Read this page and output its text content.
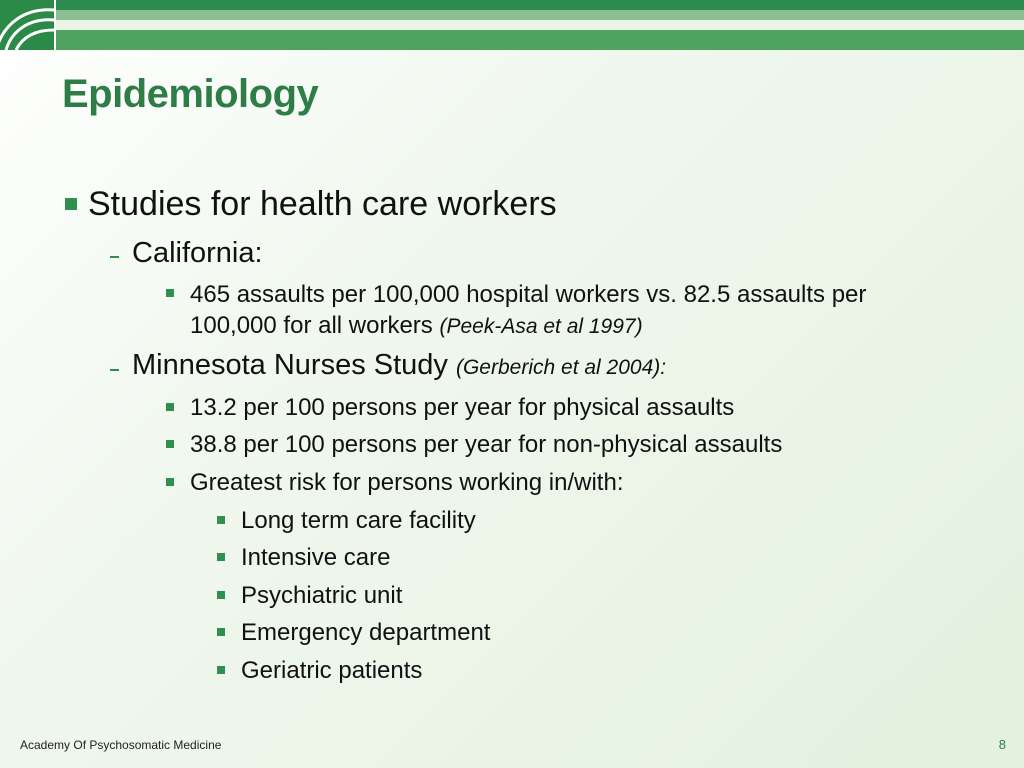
Epidemiology
Studies for health care workers
California:
465 assaults per 100,000 hospital workers vs. 82.5 assaults per
100,000 for all workers (Peek-Asa et al 1997)
Minnesota Nurses Study (Gerberich et al 2004):
13.2 per 100 persons per year for physical assaults
38.8 per 100 persons per year for non-physical assaults
Greatest risk for persons working in/with:
Long term care facility
Intensive care
Psychiatric unit
Emergency department
Geriatric patients
Academy Of Psychosomatic Medicine	8
